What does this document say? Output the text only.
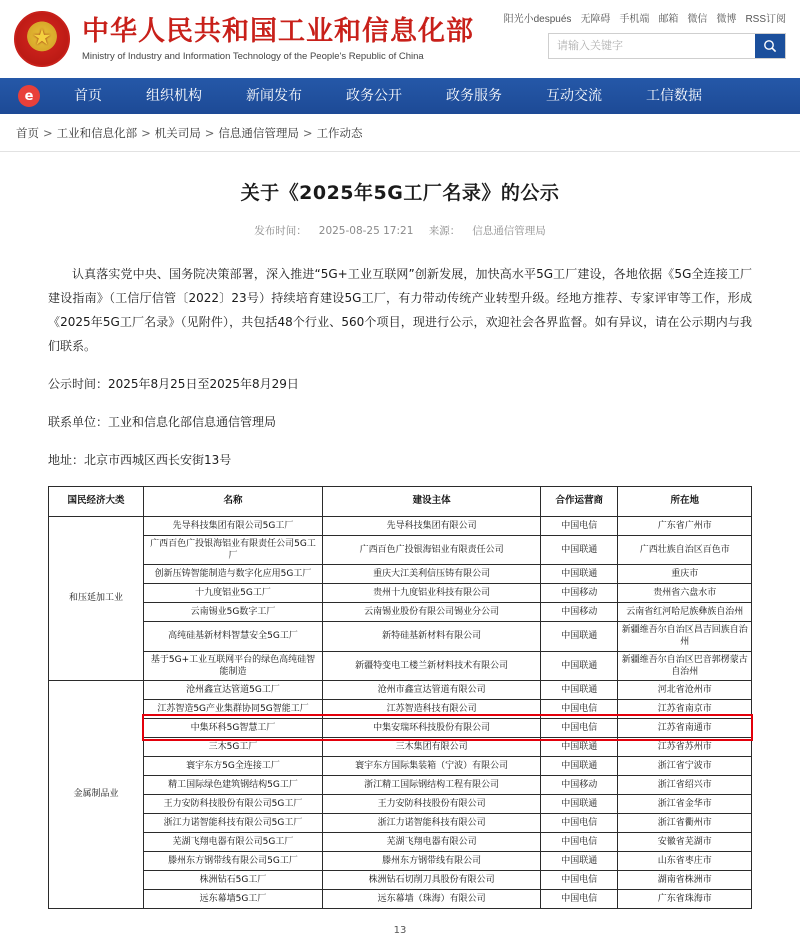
★
中华人民共和国工业和信息化部
Ministry of Industry and Information Technology of the People's Republic of China
阳光小después 无障碍 手机端 邮箱 微信 微博 RSS订阅
请输入关键字
e	首页	组织机构	新闻发布	政务公开	政务服务	互动交流	工信数据
首页 > 工业和信息化部 > 机关司局 > 信息通信管理局 > 工作动态
关于《2025年5G工厂名录》的公示
发布时间： 2025-08-25 17:21 来源： 信息通信管理局

认真落实党中央、国务院决策部署，深入推进“5G+工业互联网”创新发展，加快高水平5G工厂建设，各地依据《5G全连接工厂建设指南》（工信厅信管〔2022〕23号）持续培育建设5G工厂，有力带动传统产业转型升级。经地方推荐、专家评审等工作，形成《2025年5G工厂名录》（见附件），共包括48个行业、560个项目，现进行公示，欢迎社会各界监督。如有异议，请在公示期内与我们联系。

公示时间：2025年8月25日至2025年8月29日

联系单位：工业和信息化部信息通信管理局

地址：北京市西城区西长安街13号

国民经济大类	名称	建设主体	合作运营商	所在地
和压延加工业	先导科技集团有限公司5G工厂	先导科技集团有限公司	中国电信	广东省广州市
	广西百色广投银海铝业有限责任公司5G工厂	广西百色广投银海铝业有限责任公司	中国联通	广西壮族自治区百色市
	创新压铸智能制造与数字化应用5G工厂	重庆大江美利信压铸有限公司	中国联通	重庆市
	十九度铝业5G工厂	贵州十九度铝业科技有限公司	中国移动	贵州省六盘水市
	云南锡业5G数字工厂	云南锡业股份有限公司锡业分公司	中国移动	云南省红河哈尼族彝族自治州
	高纯硅基新材料智慧安全5G工厂	新特硅基新材料有限公司	中国联通	新疆维吾尔自治区昌吉回族自治州
	基于5G+工业互联网平台的绿色高纯硅智能制造	新疆特变电工楼兰新材料技术有限公司	中国联通	新疆维吾尔自治区巴音郭楞蒙古自治州
金属制品业	沧州鑫宣达管道5G工厂	沧州市鑫宣达管道有限公司	中国联通	河北省沧州市
	江苏智造5G产业集群协同5G智能工厂	江苏智造科技有限公司	中国电信	江苏省南京市
	中集环科5G智慧工厂	中集安瑞环科技股份有限公司	中国电信	江苏省南通市
	三木5G工厂	三木集团有限公司	中国联通	江苏省苏州市
	寰宇东方5G全连接工厂	寰宇东方国际集装箱（宁波）有限公司	中国联通	浙江省宁波市
	精工国际绿色建筑钢结构5G工厂	浙江精工国际钢结构工程有限公司	中国移动	浙江省绍兴市
	王力安防科技股份有限公司5G工厂	王力安防科技股份有限公司	中国联通	浙江省金华市
	浙江力诺智能科技有限公司5G工厂	浙江力诺智能科技有限公司	中国电信	浙江省衢州市
	芜湖飞翔电器有限公司5G工厂	芜湖飞翔电器有限公司	中国电信	安徽省芜湖市
	滕州东方钢带线有限公司5G工厂	滕州东方钢带线有限公司	中国联通	山东省枣庄市
	株洲钻石5G工厂	株洲钻石切削刀具股份有限公司	中国电信	湖南省株洲市
	远东幕墙5G工厂	远东幕墙（珠海）有限公司	中国电信	广东省珠海市
13
